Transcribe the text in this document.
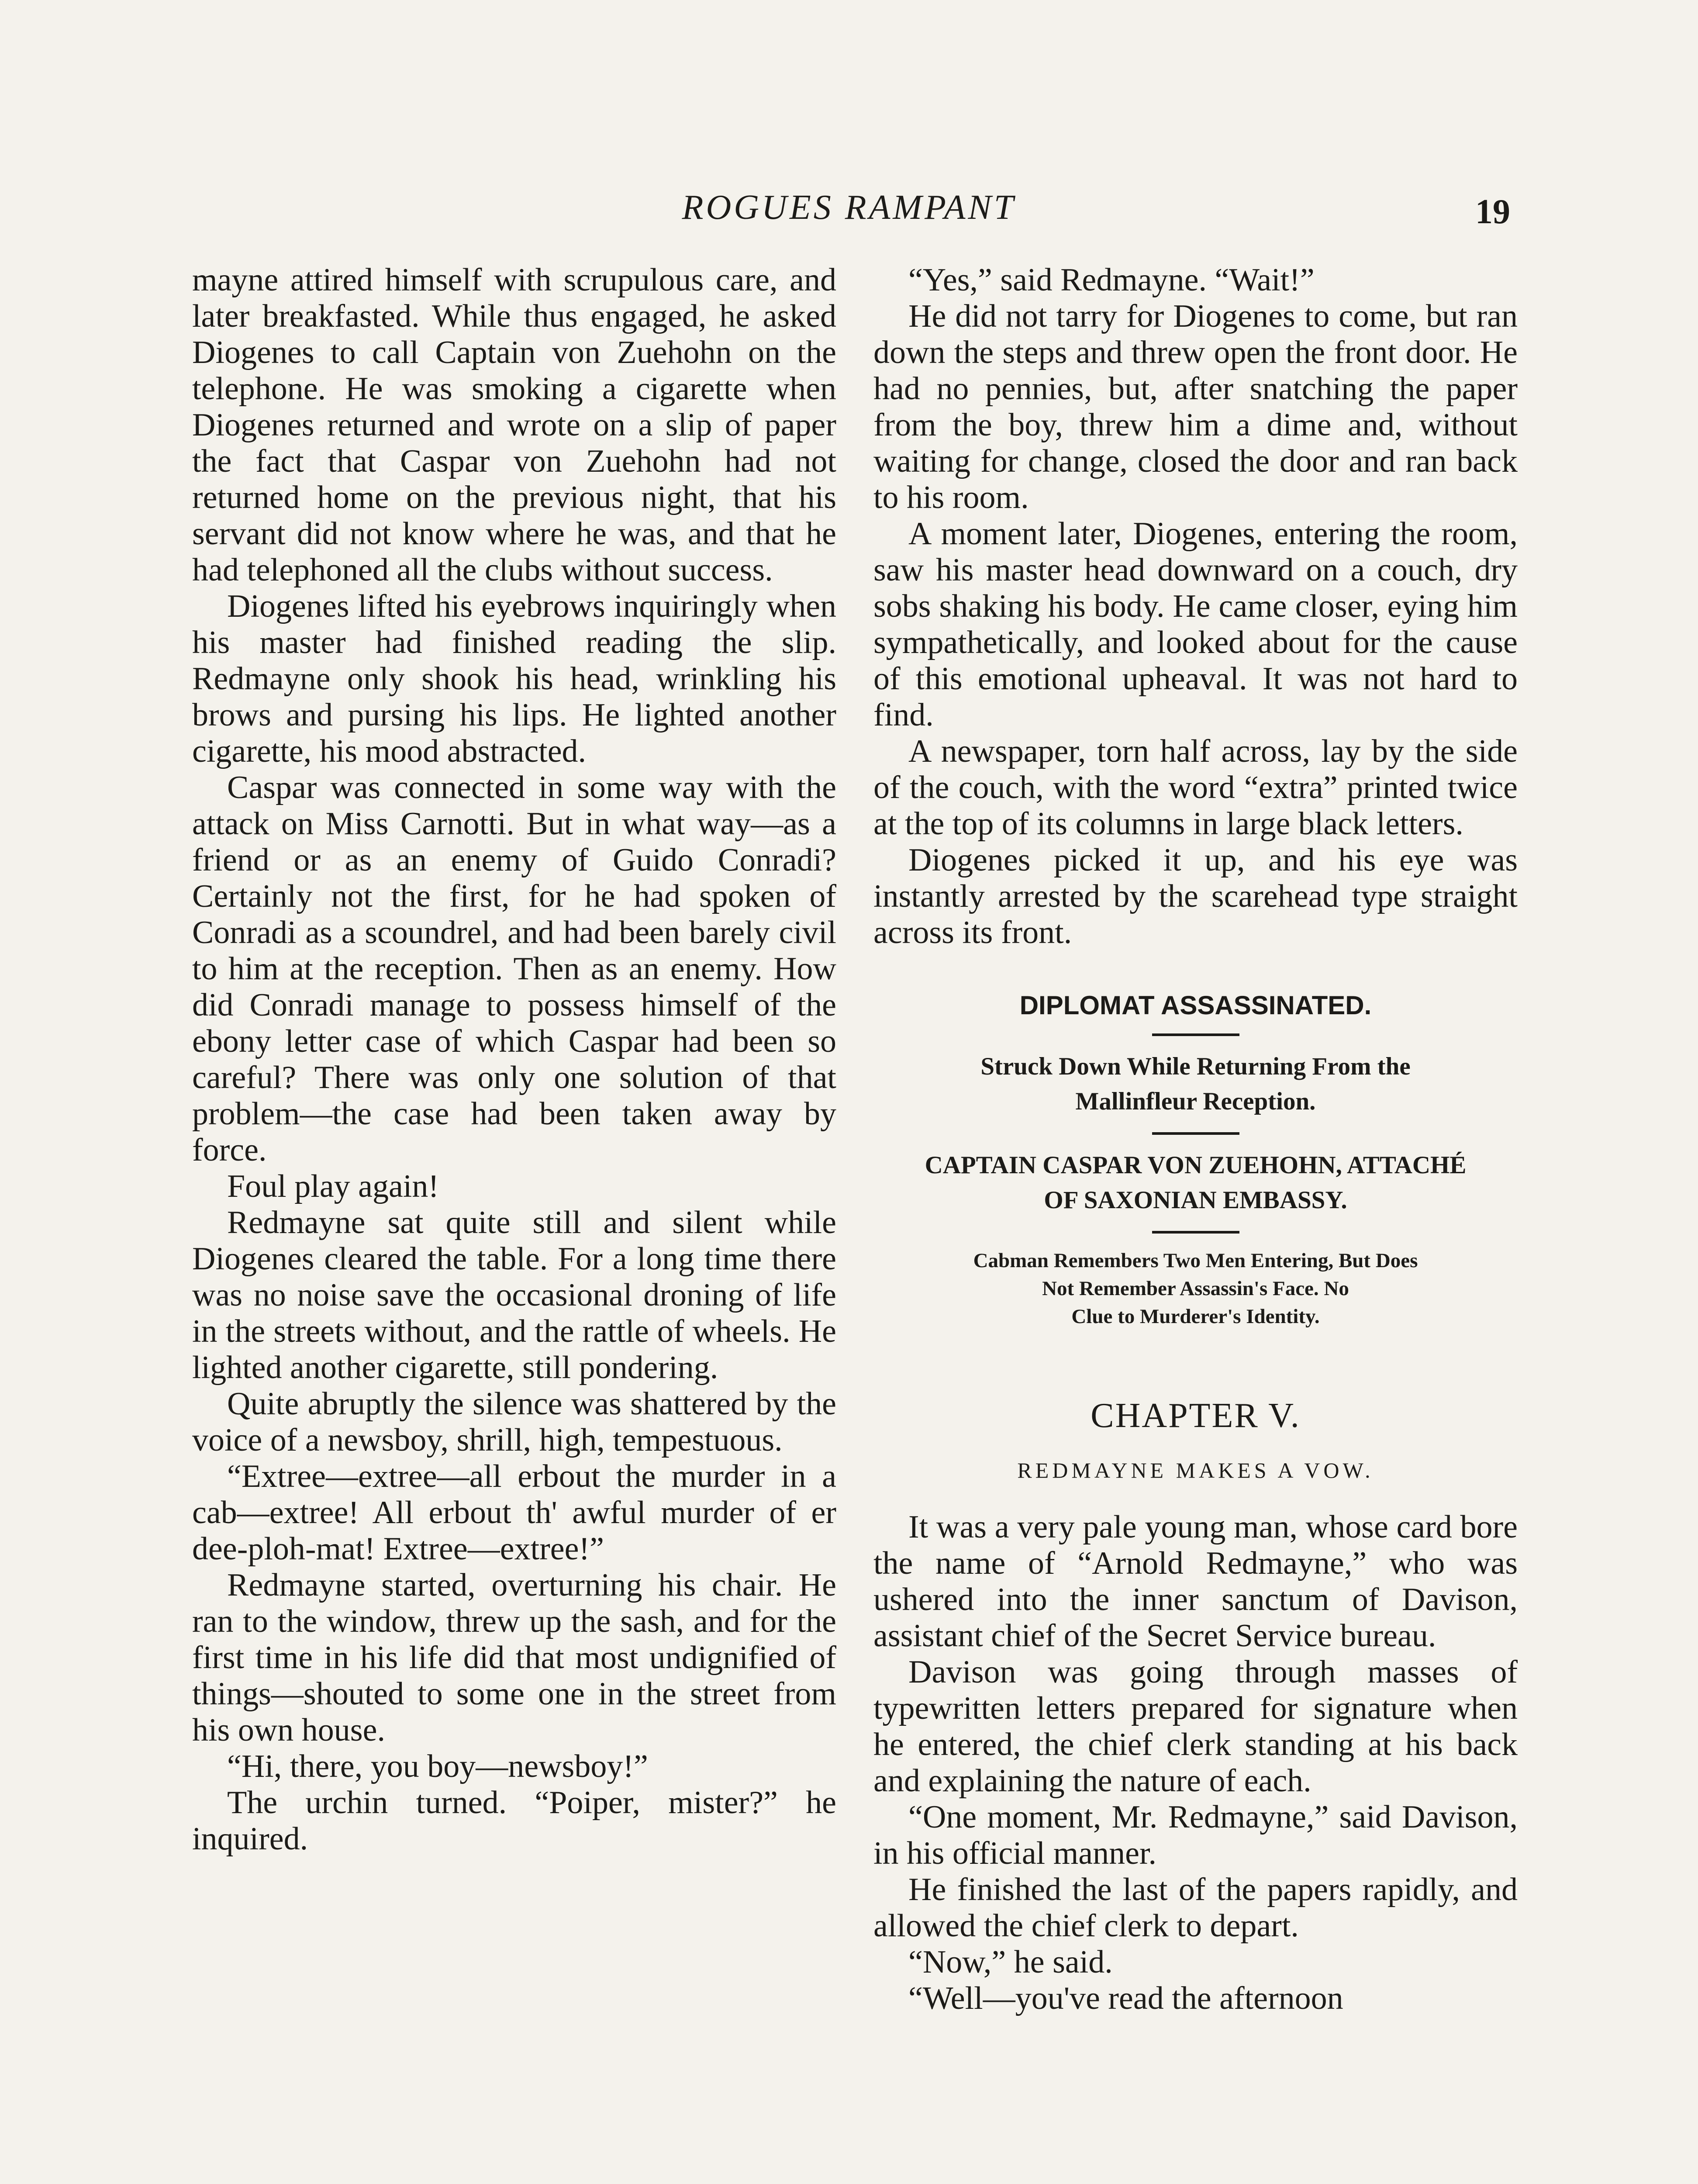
ROGUES RAMPANT	19

mayne attired himself with scrupulous care, and later breakfasted. While thus engaged, he asked Diogenes to call Captain von Zuehohn on the telephone. He was smoking a cigarette when Diogenes returned and wrote on a slip of paper the fact that Caspar von Zuehohn had not returned home on the previous night, that his servant did not know where he was, and that he had telephoned all the clubs without success.

Diogenes lifted his eyebrows inquiringly when his master had finished reading the slip. Redmayne only shook his head, wrinkling his brows and pursing his lips. He lighted another cigarette, his mood abstracted.

Caspar was connected in some way with the attack on Miss Carnotti. But in what way—as a friend or as an enemy of Guido Conradi? Certainly not the first, for he had spoken of Conradi as a scoundrel, and had been barely civil to him at the reception. Then as an enemy. How did Conradi manage to possess himself of the ebony letter case of which Caspar had been so careful? There was only one solution of that problem—the case had been taken away by force.

Foul play again!

Redmayne sat quite still and silent while Diogenes cleared the table. For a long time there was no noise save the occasional droning of life in the streets without, and the rattle of wheels. He lighted another cigarette, still pondering.

Quite abruptly the silence was shattered by the voice of a newsboy, shrill, high, tempestuous.

“Extree—extree—all erbout the murder in a cab—extree! All erbout th' awful murder of er dee-ploh-mat! Extree—extree!”

Redmayne started, overturning his chair. He ran to the window, threw up the sash, and for the first time in his life did that most undignified of things—shouted to some one in the street from his own house.

“Hi, there, you boy—newsboy!”

The urchin turned. “Poiper, mister?” he inquired.

“Yes,” said Redmayne. “Wait!”

He did not tarry for Diogenes to come, but ran down the steps and threw open the front door. He had no pennies, but, after snatching the paper from the boy, threw him a dime and, without waiting for change, closed the door and ran back to his room.

A moment later, Diogenes, entering the room, saw his master head downward on a couch, dry sobs shaking his body. He came closer, eying him sympathetically, and looked about for the cause of this emotional upheaval. It was not hard to find.

A newspaper, torn half across, lay by the side of the couch, with the word “extra” printed twice at the top of its columns in large black letters.

Diogenes picked it up, and his eye was instantly arrested by the scarehead type straight across its front.

DIPLOMAT ASSASSINATED.
Struck Down While Returning From the
Mallinfleur Reception.
CAPTAIN CASPAR VON ZUEHOHN, ATTACHÉ
OF SAXONIAN EMBASSY.
Cabman Remembers Two Men Entering, But Does
Not Remember Assassin's Face. No
Clue to Murderer's Identity.
CHAPTER V.
REDMAYNE MAKES A VOW.

It was a very pale young man, whose card bore the name of “Arnold Redmayne,” who was ushered into the inner sanctum of Davison, assistant chief of the Secret Service bureau.

Davison was going through masses of typewritten letters prepared for signature when he entered, the chief clerk standing at his back and explaining the nature of each.

“One moment, Mr. Redmayne,” said Davison, in his official manner.

He finished the last of the papers rapidly, and allowed the chief clerk to depart.

“Now,” he said.

“Well—you've read the afternoon
